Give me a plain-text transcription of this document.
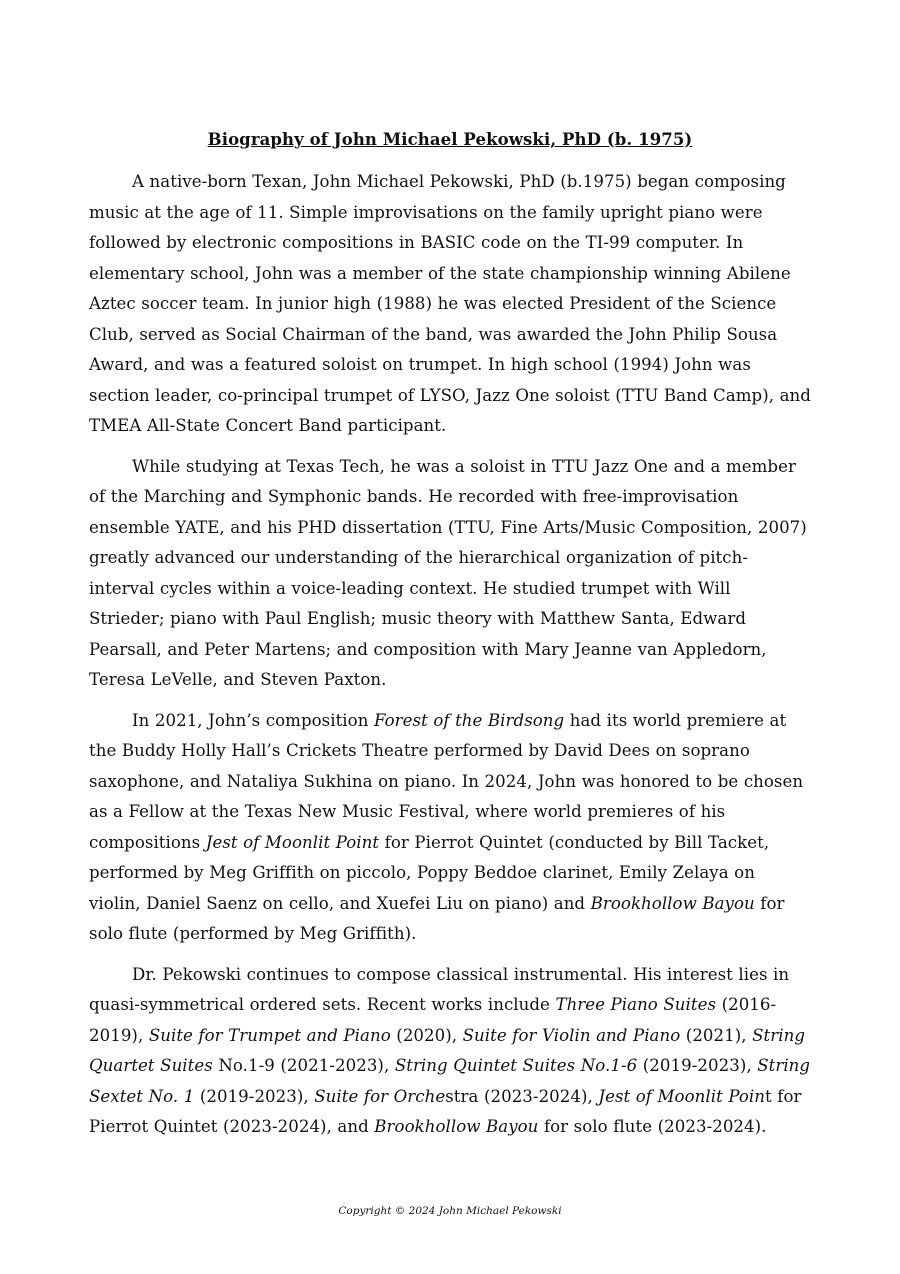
Biography of John Michael Pekowski, PhD (b. 1975)

A native-born Texan, John Michael Pekowski, PhD (b.1975) began composing music at the age of 11. Simple improvisations on the family upright piano were followed by electronic compositions in BASIC code on the TI-99 computer. In elementary school, John was a member of the state championship winning Abilene Aztec soccer team. In junior high (1988) he was elected President of the Science Club, served as Social Chairman of the band, was awarded the John Philip Sousa Award, and was a featured soloist on trumpet. In high school (1994) John was section leader, co-principal trumpet of LYSO, Jazz One soloist (TTU Band Camp), and TMEA All-State Concert Band participant.

While studying at Texas Tech, he was a soloist in TTU Jazz One and a member of the Marching and Symphonic bands. He recorded with free-improvisation ensemble YATE, and his PHD dissertation (TTU, Fine Arts/Music Composition, 2007) greatly advanced our understanding of the hierarchical organization of pitch-interval cycles within a voice-leading context. He studied trumpet with Will Strieder; piano with Paul English; music theory with Matthew Santa, Edward Pearsall, and Peter Martens; and composition with Mary Jeanne van Appledorn, Teresa LeVelle, and Steven Paxton.

In 2021, John’s composition Forest of the Birdsong had its world premiere at the Buddy Holly Hall’s Crickets Theatre performed by David Dees on soprano saxophone, and Nataliya Sukhina on piano. In 2024, John was honored to be chosen as a Fellow at the Texas New Music Festival, where world premieres of his compositions Jest of Moonlit Point for Pierrot Quintet (conducted by Bill Tacket, performed by Meg Griffith on piccolo, Poppy Beddoe clarinet, Emily Zelaya on violin, Daniel Saenz on cello, and Xuefei Liu on piano) and Brookhollow Bayou for solo flute (performed by Meg Griffith).

Dr. Pekowski continues to compose classical instrumental. His interest lies in quasi-symmetrical ordered sets. Recent works include Three Piano Suites (2016-2019), Suite for Trumpet and Piano (2020), Suite for Violin and Piano (2021), String Quartet Suites No.1-9 (2021-2023), String Quintet Suites No.1-6 (2019-2023), String Sextet No. 1 (2019-2023), Suite for Orchestra (2023-2024), Jest of Moonlit Point for Pierrot Quintet (2023-2024), and Brookhollow Bayou for solo flute (2023-2024).

Copyright © 2024 John Michael Pekowski
